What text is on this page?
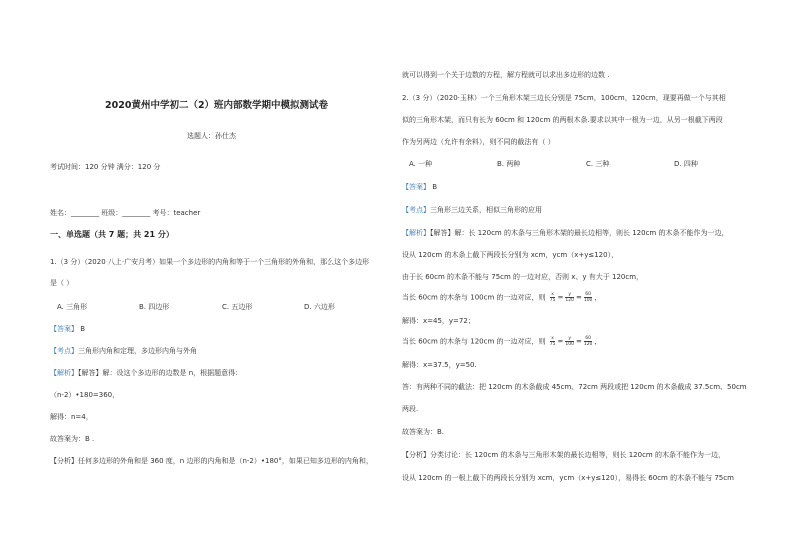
2020黄州中学初二（2）班内部数学期中模拟测试卷
选题人：孙仕杰
考试时间：120 分钟 满分：120 分
姓名：________ 班级：________ 考号：teacher
一、单选题（共 7 题；共 21 分）
1.（3 分）（2020 八上·广安月考）如果一个多边形的内角和等于一个三角形的外角和，那么这个多边形
是（ ）
A. 三角形	B. 四边形	C. 五边形	D. 六边形
【答案】 B
【考点】三角形内角和定理，多边形内角与外角
【解析】【解答】解：设这个多边形的边数是 n，根据题意得：
（n-2）•180=360，
解得：n=4，
故答案为：B .
【分析】任何多边形的外角和是 360 度，n 边形的内角和是（n-2）•180°，如果已知多边形的内角和，
就可以得到一个关于边数的方程，解方程就可以求出多边形的边数 .
2.（3 分）（2020·玉林）一个三角形木架三边长分别是 75cm，100cm，120cm，现要再做一个与其相
似的三角形木架，而只有长为 60cm 和 120cm 的两根木条.要求以其中一根为一边，从另一根截下两段
作为另两边（允许有余料），则不同的截法有（ ）
A. 一种	B. 两种	C. 三种	D. 四种
【答案】 B
【考点】三角形三边关系，相似三角形的应用
【解析】【解答】解：长 120cm 的木条与三角形木架的最长边相等，则长 120cm 的木条不能作为一边，
设从 120cm 的木条上截下两段长分别为 xcm，ycm（x+y≤120），
由于长 60cm 的木条不能与 75cm 的一边对应，否则 x、y 有大于 120cm，
当长 60cm 的木条与 100cm 的一边对应，则 $\frac{x}{75} = \frac{y}{120} = \frac{60}{100}$ ，
解得：x=45，y=72；
当长 60cm 的木条与 120cm 的一边对应，则 $\frac{x}{75} = \frac{y}{100} = \frac{60}{120}$ ，
解得：x=37.5，y=50.
答：有两种不同的截法：把 120cm 的木条截成 45cm、72cm 两段或把 120cm 的木条截成 37.5cm、50cm
两段.
故答案为：B.
【分析】分类讨论：长 120cm 的木条与三角形木架的最长边相等，则长 120cm 的木条不能作为一边，
设从 120cm 的一根上截下的两段长分别为 xcm，ycm（x+y≤120），易得长 60cm 的木条不能与 75cm
